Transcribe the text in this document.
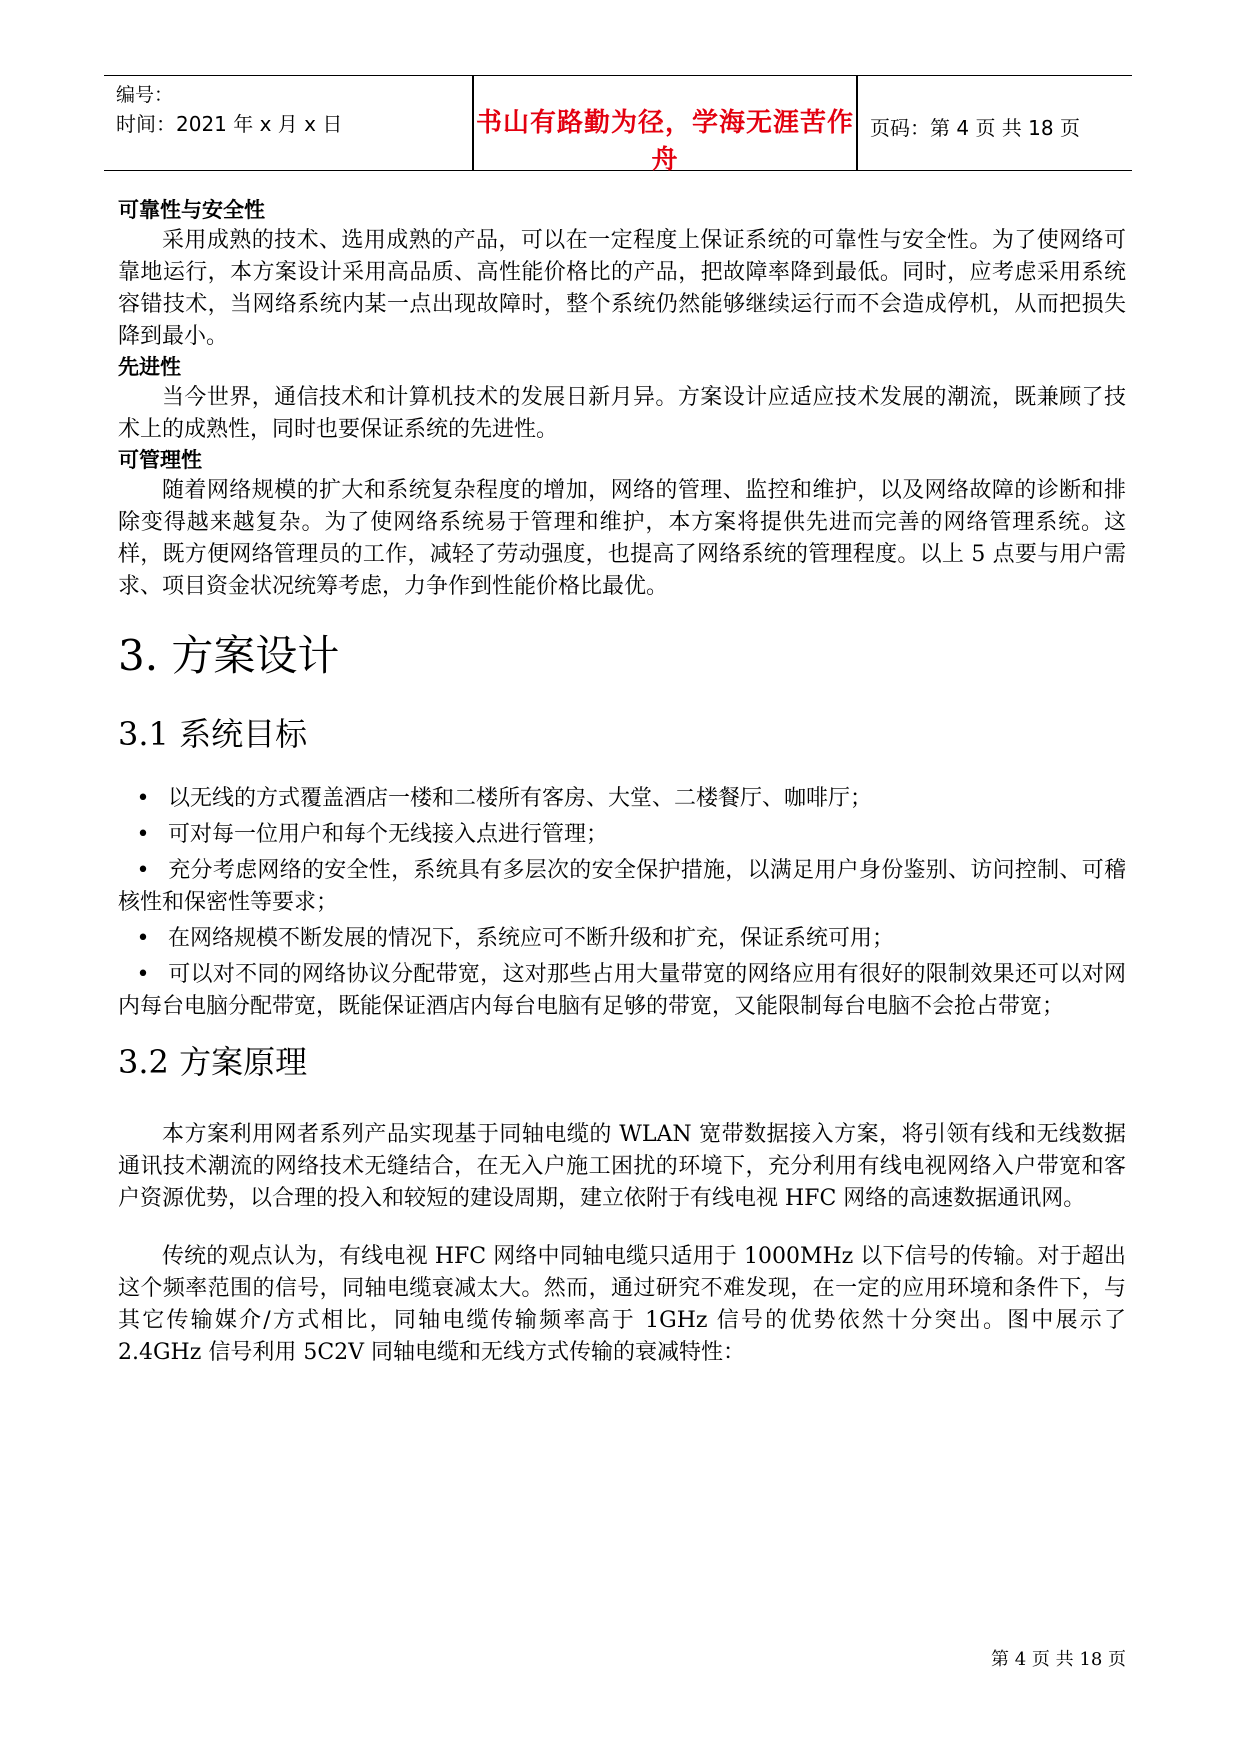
编号：
时间：2021 年 x 月 x 日	书山有路勤为径，学海无涯苦作舟
页码：第 4 页 共 18 页

可靠性与安全性

采用成熟的技术、选用成熟的产品，可以在一定程度上保证系统的可靠性与安全性。为了使网络可靠地运行，本方案设计采用高品质、高性能价格比的产品，把故障率降到最低。同时，应考虑采用系统容错技术，当网络系统内某一点出现故障时，整个系统仍然能够继续运行而不会造成停机，从而把损失降到最小。

先进性

当今世界，通信技术和计算机技术的发展日新月异。方案设计应适应技术发展的潮流，既兼顾了技术上的成熟性，同时也要保证系统的先进性。

可管理性

随着网络规模的扩大和系统复杂程度的增加，网络的管理、监控和维护，以及网络故障的诊断和排除变得越来越复杂。为了使网络系统易于管理和维护，本方案将提供先进而完善的网络管理系统。这样，既方便网络管理员的工作，减轻了劳动强度，也提高了网络系统的管理程度。以上 5 点要与用户需求、项目资金状况统筹考虑，力争作到性能价格比最优。

3. 方案设计
3.1 系统目标
• 以无线的方式覆盖酒店一楼和二楼所有客房、大堂、二楼餐厅、咖啡厅；
• 可对每一位用户和每个无线接入点进行管理；
• 充分考虑网络的安全性，系统具有多层次的安全保护措施，以满足用户身份鉴别、访问控制、可稽核性和保密性等要求；
• 在网络规模不断发展的情况下，系统应可不断升级和扩充，保证系统可用；
• 可以对不同的网络协议分配带宽，这对那些占用大量带宽的网络应用有很好的限制效果还可以对网内每台电脑分配带宽，既能保证酒店内每台电脑有足够的带宽，又能限制每台电脑不会抢占带宽；
3.2 方案原理

本方案利用网者系列产品实现基于同轴电缆的 WLAN 宽带数据接入方案，将引领有线和无线数据通讯技术潮流的网络技术无缝结合，在无入户施工困扰的环境下，充分利用有线电视网络入户带宽和客户资源优势，以合理的投入和较短的建设周期，建立依附于有线电视 HFC 网络的高速数据通讯网。

传统的观点认为，有线电视 HFC 网络中同轴电缆只适用于 1000MHz 以下信号的传输。对于超出这个频率范围的信号，同轴电缆衰减太大。然而，通过研究不难发现，在一定的应用环境和条件下，与其它传输媒介/方式相比，同轴电缆传输频率高于 1GHz 信号的优势依然十分突出。图中展示了 2.4GHz 信号利用 5C2V 同轴电缆和无线方式传输的衰减特性：

第 4 页 共 18 页
